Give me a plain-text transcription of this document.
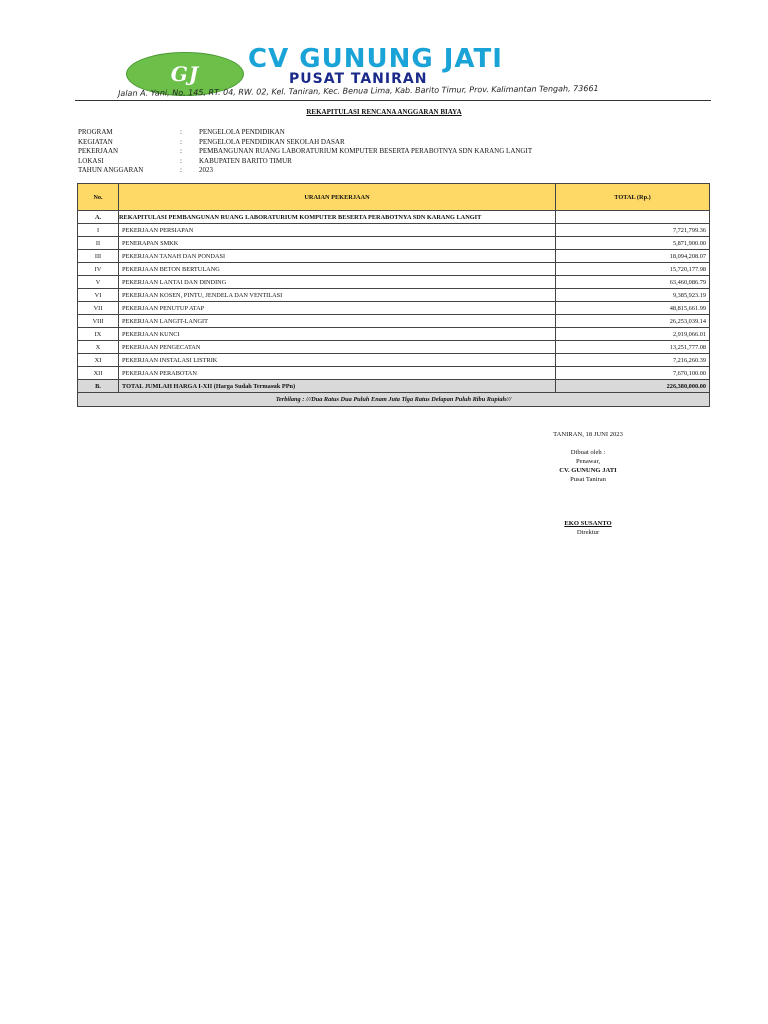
GJ	CV GUNUNG JATI
PUSAT TANIRAN
Jalan A. Yani, No. 145, RT. 04, RW. 02, Kel. Taniran, Kec. Benua Lima, Kab. Barito Timur, Prov. Kalimantan Tengah, 73661
REKAPITULASI RENCANA ANGGARAN BIAYA
PROGRAM	:	PENGELOLA PENDIDIKAN
KEGIATAN	:	PENGELOLA PENDIDIKAN SEKOLAH DASAR
PEKERJAAN	:	PEMBANGUNAN RUANG LABORATURIUM KOMPUTER BESERTA PERABOTNYA SDN KARANG LANGIT
LOKASI	:	KABUPATEN BARITO TIMUR
TAHUN ANGGARAN	:	2023
No.	URAIAN PEKERJAAN	TOTAL (Rp.)
A.	REKAPITULASI PEMBANGUNAN RUANG LABORATURIUM KOMPUTER BESERTA PERABOTNYA SDN KARANG LANGIT	
I	PEKERJAAN PERSIAPAN	7,721,799.36
II	PENERAPAN SMKK	5,871,900.00
III	PEKERJAAN TANAH DAN PONDASI	18,094,208.07
IV	PEKERJAAN BETON BERTULANG	15,720,177.98
V	PEKERJAAN LANTAI DAN DINDING	63,460,086.79
VI	PEKERJAAN KOSEN, PINTU, JENDELA DAN VENTILASI	9,385,923.19
VII	PEKERJAAN PENUTUP ATAP	48,815,661.99
VIII	PEKERJAAN LANGIT-LANGIT	26,253,039.14
IX	PEKERJAAN KUNCI	2,919,066.01
X	PEKERJAAN PENGECATAN	13,251,777.08
XI	PEKERJAAN INSTALASI LISTRIK	7,216,260.39
XII	PEKERJAAN PERABOTAN	7,670,100.00
B.	TOTAL JUMLAH HARGA I-XII (Harga Sudah Termasuk PPn)	226,380,000.00
Terbilang : ///Dua Ratus Dua Puluh Enam Juta Tiga Ratus Delapan Puluh Ribu Rupiah///		
TANIRAN, 18 JUNI 2023
Dibuat oleh :
Penawar,
CV. GUNUNG JATI
Pusat Taniran
EKO SUSANTO
Direktur
